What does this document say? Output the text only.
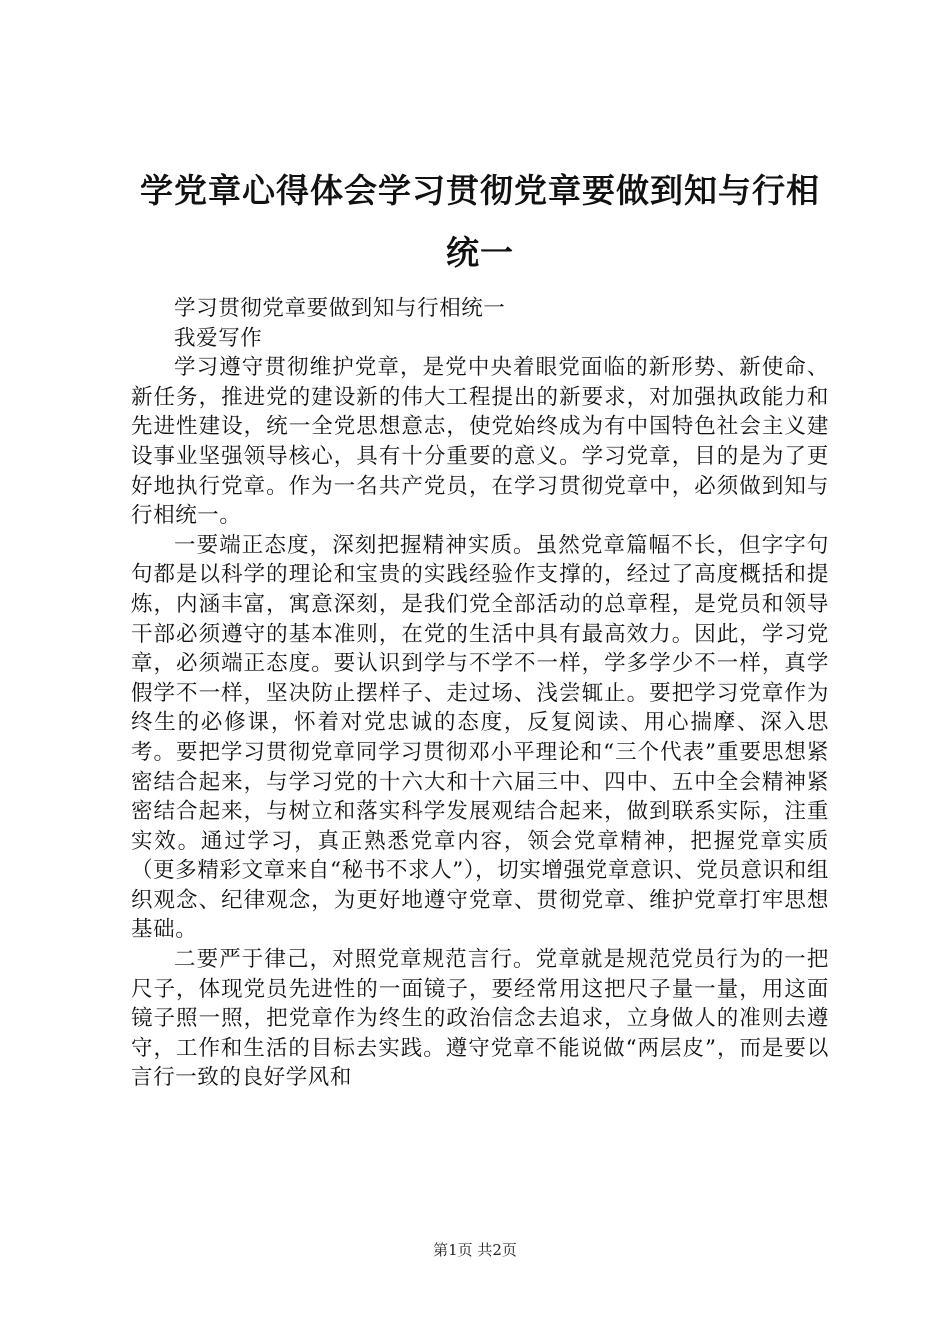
学党章心得体会学习贯彻党章要做到知与行相统一

学习贯彻党章要做到知与行相统一

我爱写作

学习遵守贯彻维护党章，是党中央着眼党面临的新形势、新使命、新任务，推进党的建设新的伟大工程提出的新要求，对加强执政能力和先进性建设，统一全党思想意志，使党始终成为有中国特色社会主义建设事业坚强领导核心，具有十分重要的意义。学习党章，目的是为了更好地执行党章。作为一名共产党员，在学习贯彻党章中，必须做到知与行相统一。

一要端正态度，深刻把握精神实质。虽然党章篇幅不长，但字字句句都是以科学的理论和宝贵的实践经验作支撑的，经过了高度概括和提炼，内涵丰富，寓意深刻，是我们党全部活动的总章程，是党员和领导干部必须遵守的基本准则，在党的生活中具有最高效力。因此，学习党章，必须端正态度。要认识到学与不学不一样，学多学少不一样，真学假学不一样，坚决防止摆样子、走过场、浅尝辄止。要把学习党章作为终生的必修课，怀着对党忠诚的态度，反复阅读、用心揣摩、深入思考。要把学习贯彻党章同学习贯彻邓小平理论和“三个代表”重要思想紧密结合起来，与学习党的十六大和十六届三中、四中、五中全会精神紧密结合起来，与树立和落实科学发展观结合起来，做到联系实际，注重实效。通过学习，真正熟悉党章内容，领会党章精神，把握党章实质（更多精彩文章来自“秘书不求人”），切实增强党章意识、党员意识和组织观念、纪律观念，为更好地遵守党章、贯彻党章、维护党章打牢思想基础。

二要严于律己，对照党章规范言行。党章就是规范党员行为的一把尺子，体现党员先进性的一面镜子，要经常用这把尺子量一量，用这面镜子照一照，把党章作为终生的政治信念去追求，立身做人的准则去遵守，工作和生活的目标去实践。遵守党章不能说做“两层皮”，而是要以言行一致的良好学风和

第1页 共2页
